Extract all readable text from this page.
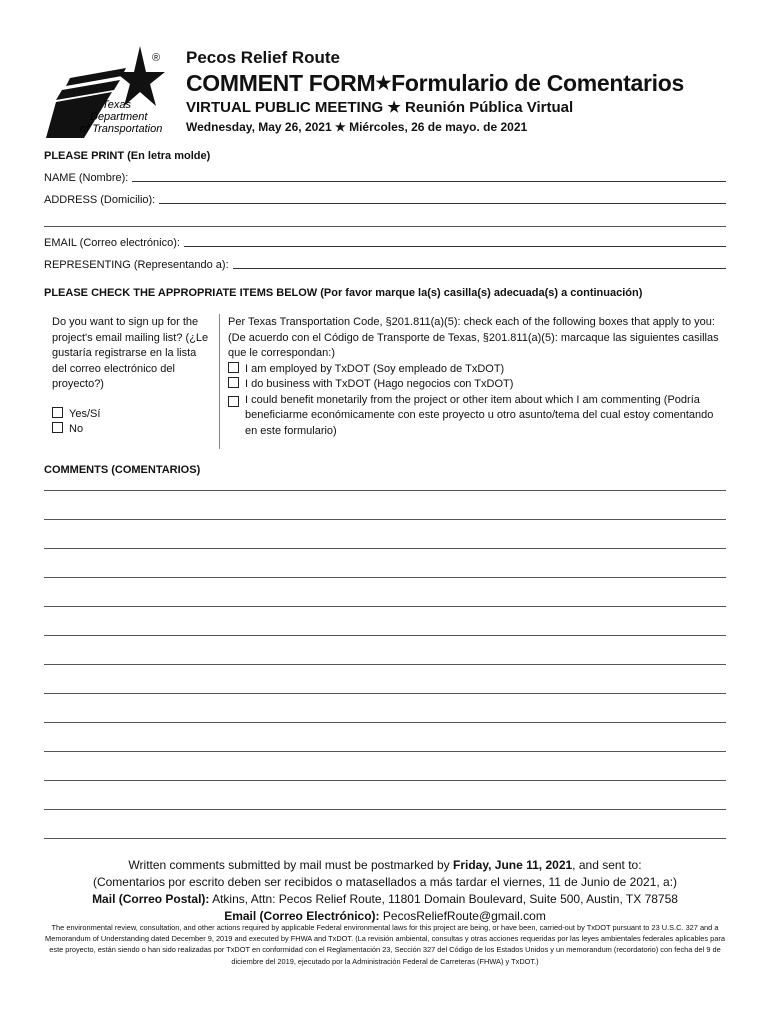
Texas
Department
of Transportation
® Pecos Relief Route
COMMENT FORM★Formulario de Comentarios
VIRTUAL PUBLIC MEETING ★ Reunión Pública Virtual
Wednesday, May 26, 2021 ★ Miércoles, 26 de mayo. de 2021
PLEASE PRINT (En letra molde)
NAME (Nombre):
ADDRESS (Domicilio):
EMAIL (Correo electrónico):
REPRESENTING (Representando a):
PLEASE CHECK THE APPROPRIATE ITEMS BELOW (Por favor marque la(s) casilla(s) adecuada(s) a continuación)
Do you want to sign up for the project's email mailing list? (¿Le gustaría registrarse en la lista del correo electrónico del proyecto?)
Yes/Sí
No
Per Texas Transportation Code, §201.811(a)(5): check each of the following boxes that apply to you: (De acuerdo con el Código de Transporte de Texas, §201.811(a)(5): marcaque las siguientes casillas que le correspondan:)
I am employed by TxDOT (Soy empleado de TxDOT)
I do business with TxDOT (Hago negocios con TxDOT)
I could benefit monetarily from the project or other item about which I am commenting (Podría beneficiarme económicamente con este proyecto u otro asunto/tema del cual estoy comentando en este formulario)
COMMENTS (COMENTARIOS)
Written comments submitted by mail must be postmarked by Friday, June 11, 2021, and sent to:
(Comentarios por escrito deben ser recibidos o matasellados a más tardar el viernes, 11 de Junio de 2021, a:)
Mail (Correo Postal): Atkins, Attn: Pecos Relief Route, 11801 Domain Boulevard, Suite 500, Austin, TX 78758
Email (Correo Electrónico): PecosReliefRoute@gmail.com
The environmental review, consultation, and other actions required by applicable Federal environmental laws for this project are being, or have been, carried-out by TxDOT pursuant to 23 U.S.C. 327 and a Memorandum of Understanding dated December 9, 2019 and executed by FHWA and TxDOT. (La revisión ambiental, consultas y otras acciones requeridas por las leyes ambientales federales aplicables para este proyecto, están siendo o han sido realizadas por TxDOT en conformidad con el Reglamentación 23, Sección 327 del Código de los Estados Unidos y un memorandum (recordatorio) con fecha del 9 de diciembre del 2019, ejecutado por la Administración Federal de Carreteras (FHWA) y TxDOT.)
